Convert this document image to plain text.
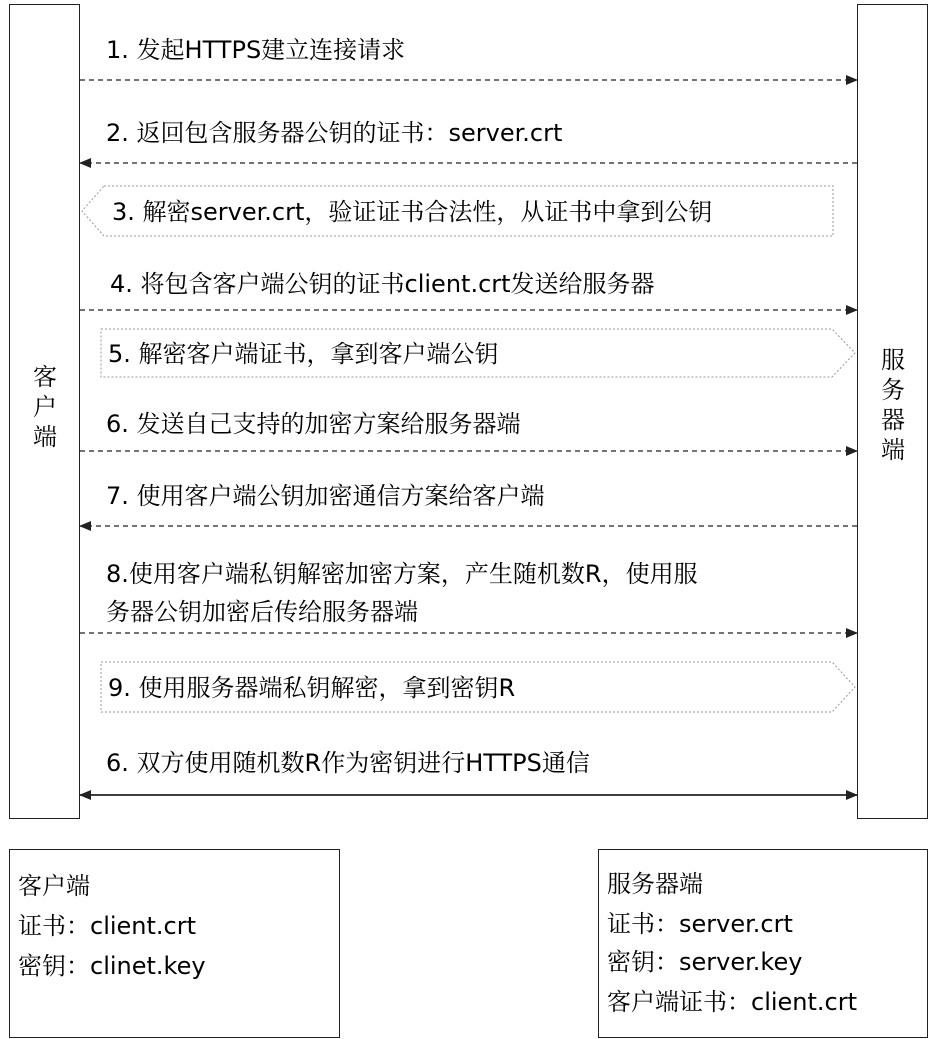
客
户
端
服
务
器
端
1. 发起HTTPS建立连接请求
2. 返回包含服务器公钥的证书：server.crt
4. 将包含客户端公钥的证书client.crt发送给服务器
6. 发送自己支持的加密方案给服务器端
7. 使用客户端公钥加密通信方案给客户端
8.使用客户端私钥解密加密方案，产生随机数R，使用服
务器公钥加密后传给服务器端
6. 双方使用随机数R作为密钥进行HTTPS通信
3. 解密server.crt，验证证书合法性，从证书中拿到公钥
5. 解密客户端证书，拿到客户端公钥
9. 使用服务器端私钥解密，拿到密钥R
客户端
证书：client.crt
密钥：clinet.key
服务器端
证书：server.crt
密钥：server.key
客户端证书：client.crt
